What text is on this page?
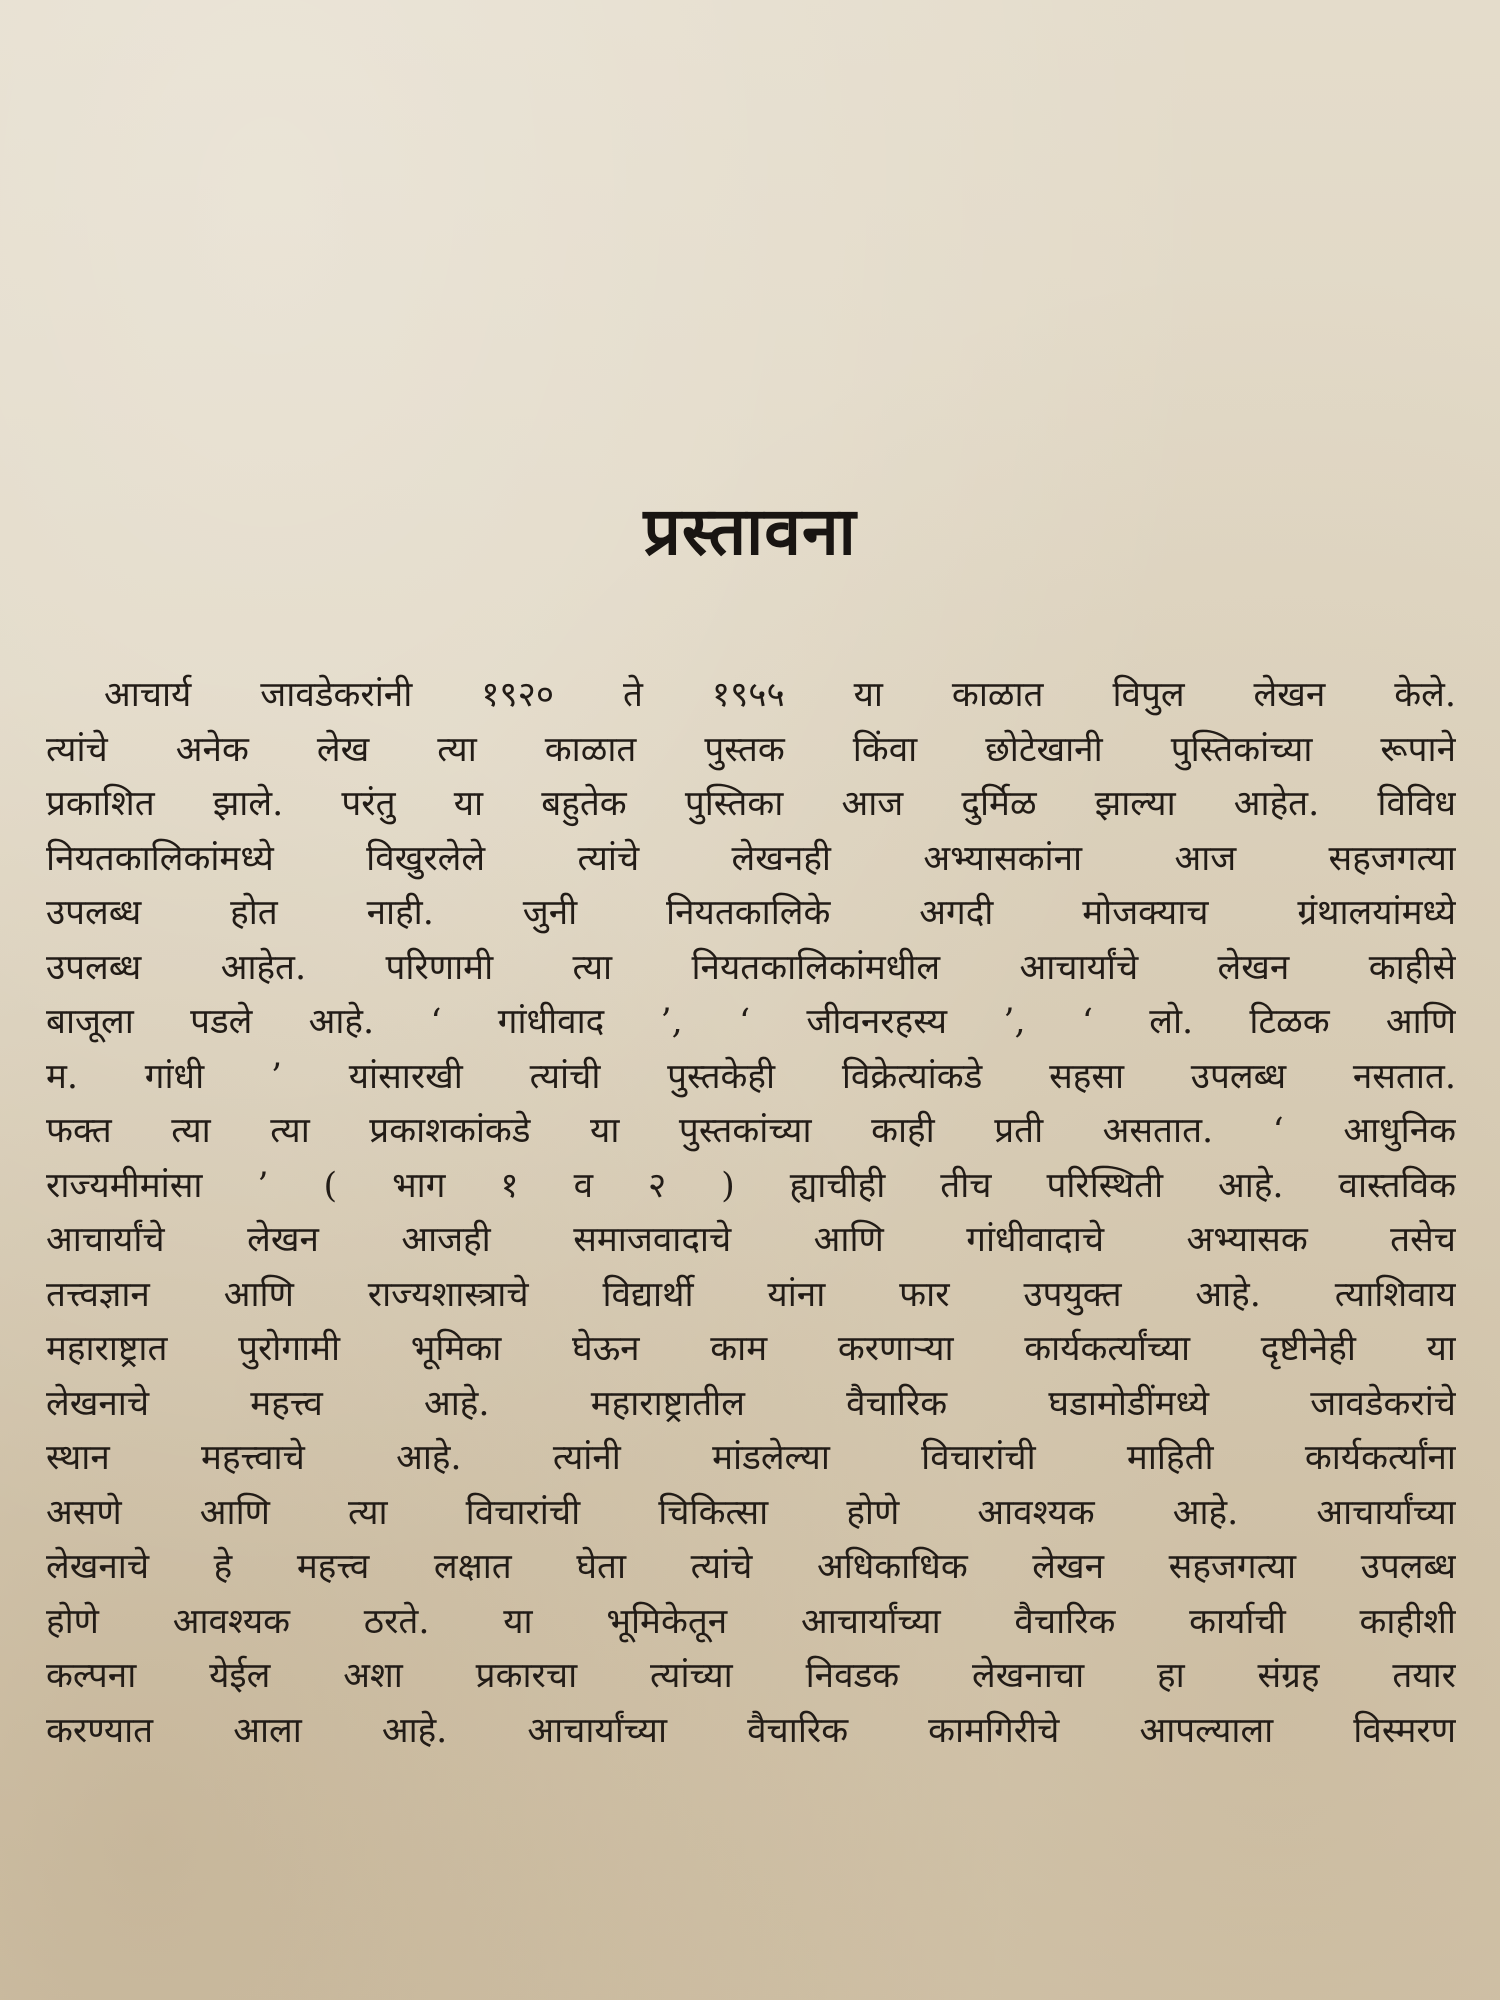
प्रस्तावना
आचार्य जावडेकरांनी १९२० ते १९५५ या काळात विपुल लेखन केले.
त्यांचे अनेक लेख त्या काळात पुस्तक किंवा छोटेखानी पुस्तिकांच्या रूपाने
प्रकाशित झाले. परंतु या बहुतेक पुस्तिका आज दुर्मिळ झाल्या आहेत. विविध
नियतकालिकांमध्ये विखुरलेले त्यांचे लेखनही अभ्यासकांना आज सहजगत्या
उपलब्ध होत नाही. जुनी नियतकालिके अगदी मोजक्याच ग्रंथालयांमध्ये
उपलब्ध आहेत. परिणामी त्या नियतकालिकांमधील आचार्यांचे लेखन काहीसे
बाजूला पडले आहे. ‘ गांधीवाद ’, ‘ जीवनरहस्य ’, ‘ लो. टिळक आणि
म. गांधी ’ यांसारखी त्यांची पुस्तकेही विक्रेत्यांकडे सहसा उपलब्ध नसतात.
फक्त त्या त्या प्रकाशकांकडे या पुस्तकांच्या काही प्रती असतात. ‘ आधुनिक
राज्यमीमांसा ’ ( भाग १ व २ ) ह्याचीही तीच परिस्थिती आहे. वास्तविक
आचार्यांचे लेखन आजही समाजवादाचे आणि गांधीवादाचे अभ्यासक तसेच
तत्त्वज्ञान आणि राज्यशास्त्राचे विद्यार्थी यांना फार उपयुक्त आहे. त्याशिवाय
महाराष्ट्रात पुरोगामी भूमिका घेऊन काम करणाऱ्या कार्यकर्त्यांच्या दृष्टीनेही या
लेखनाचे महत्त्व आहे. महाराष्ट्रातील वैचारिक घडामोडींमध्ये जावडेकरांचे
स्थान महत्त्वाचे आहे. त्यांनी मांडलेल्या विचारांची माहिती कार्यकर्त्यांना
असणे आणि त्या विचारांची चिकित्सा होणे आवश्यक आहे. आचार्यांच्या
लेखनाचे हे महत्त्व लक्षात घेता त्यांचे अधिकाधिक लेखन सहजगत्या उपलब्ध
होणे आवश्यक ठरते. या भूमिकेतून आचार्यांच्या वैचारिक कार्याची काहीशी
कल्पना येईल अशा प्रकारचा त्यांच्या निवडक लेखनाचा हा संग्रह तयार
करण्यात आला आहे. आचार्यांच्या वैचारिक कामगिरीचे आपल्याला विस्मरण
